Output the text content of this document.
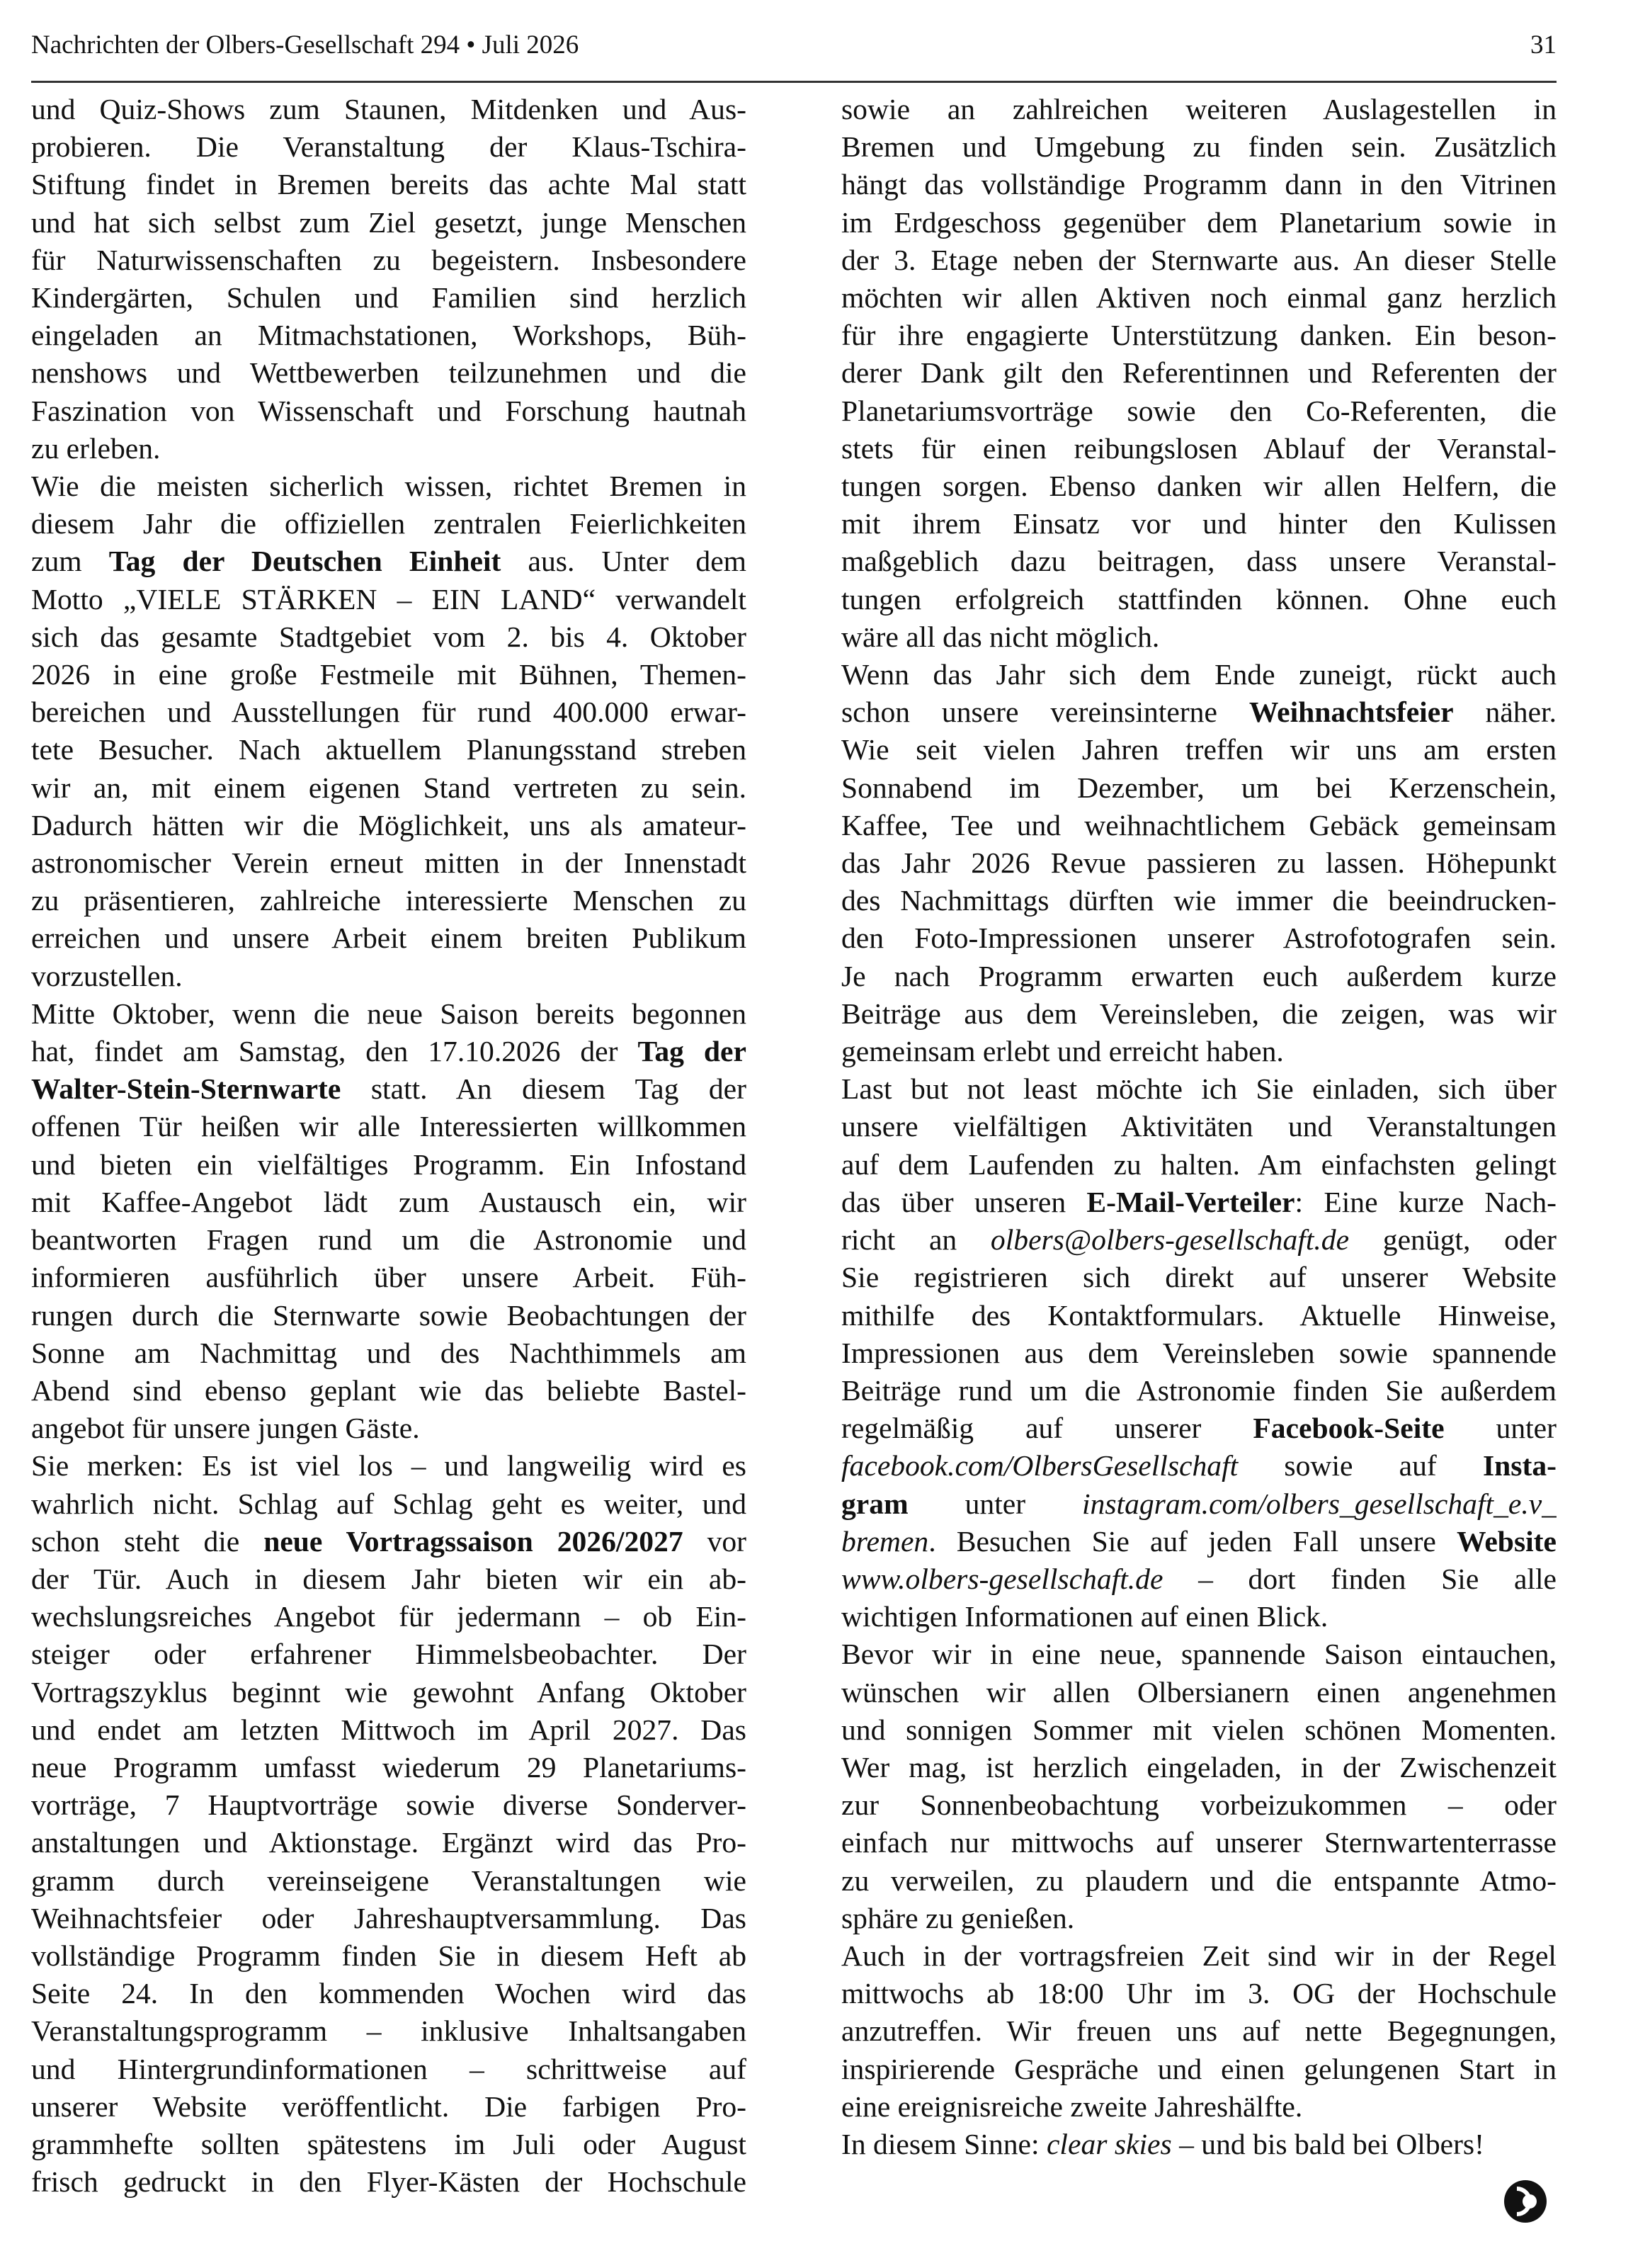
Nachrichten der Olbers-Gesellschaft 294 • Juli 2026	31

und Quiz-Shows zum Staunen, Mitdenken und Aus-
probieren. Die Veranstaltung der Klaus-Tschira-
Stiftung findet in Bremen bereits das achte Mal statt
und hat sich selbst zum Ziel gesetzt, junge Menschen
für Naturwissenschaften zu begeistern. Insbesondere
Kindergärten, Schulen und Familien sind herzlich
eingeladen an Mitmachstationen, Workshops, Büh-
nenshows und Wettbewerben teilzunehmen und die
Faszination von Wissenschaft und Forschung hautnah
zu erleben.

Wie die meisten sicherlich wissen, richtet Bremen in
diesem Jahr die offiziellen zentralen Feierlichkeiten
zum Tag der Deutschen Einheit aus. Unter dem
Motto „VIELE STÄRKEN – EIN LAND“ verwandelt
sich das gesamte Stadtgebiet vom 2. bis 4. Oktober
2026 in eine große Festmeile mit Bühnen, Themen-
bereichen und Ausstellungen für rund 400.000 erwar-
tete Besucher. Nach aktuellem Planungsstand streben
wir an, mit einem eigenen Stand vertreten zu sein.
Dadurch hätten wir die Möglichkeit, uns als amateur-
astronomischer Verein erneut mitten in der Innenstadt
zu präsentieren, zahlreiche interessierte Menschen zu
erreichen und unsere Arbeit einem breiten Publikum
vorzustellen.

Mitte Oktober, wenn die neue Saison bereits begonnen
hat, findet am Samstag, den 17.10.2026 der Tag der
Walter-Stein-Sternwarte statt. An diesem Tag der
offenen Tür heißen wir alle Interessierten willkommen
und bieten ein vielfältiges Programm. Ein Infostand
mit Kaffee-Angebot lädt zum Austausch ein, wir
beantworten Fragen rund um die Astronomie und
informieren ausführlich über unsere Arbeit. Füh-
rungen durch die Sternwarte sowie Beobachtungen der
Sonne am Nachmittag und des Nachthimmels am
Abend sind ebenso geplant wie das beliebte Bastel-
angebot für unsere jungen Gäste.

Sie merken: Es ist viel los – und langweilig wird es
wahrlich nicht. Schlag auf Schlag geht es weiter, und
schon steht die neue Vortragssaison 2026/2027 vor
der Tür. Auch in diesem Jahr bieten wir ein ab-
wechslungsreiches Angebot für jedermann – ob Ein-
steiger oder erfahrener Himmelsbeobachter. Der
Vortragszyklus beginnt wie gewohnt Anfang Oktober
und endet am letzten Mittwoch im April 2027. Das
neue Programm umfasst wiederum 29 Planetariums-
vorträge, 7 Hauptvorträge sowie diverse Sonderver-
anstaltungen und Aktionstage. Ergänzt wird das Pro-
gramm durch vereinseigene Veranstaltungen wie
Weihnachtsfeier oder Jahreshauptversammlung. Das
vollständige Programm finden Sie in diesem Heft ab
Seite 24. In den kommenden Wochen wird das
Veranstaltungsprogramm – inklusive Inhaltsangaben
und Hintergrundinformationen – schrittweise auf
unserer Website veröffentlicht. Die farbigen Pro-
grammhefte sollten spätestens im Juli oder August
frisch gedruckt in den Flyer-Kästen der Hochschule

sowie an zahlreichen weiteren Auslagestellen in
Bremen und Umgebung zu finden sein. Zusätzlich
hängt das vollständige Programm dann in den Vitrinen
im Erdgeschoss gegenüber dem Planetarium sowie in
der 3. Etage neben der Sternwarte aus. An dieser Stelle
möchten wir allen Aktiven noch einmal ganz herzlich
für ihre engagierte Unterstützung danken. Ein beson-
derer Dank gilt den Referentinnen und Referenten der
Planetariumsvorträge sowie den Co-Referenten, die
stets für einen reibungslosen Ablauf der Veranstal-
tungen sorgen. Ebenso danken wir allen Helfern, die
mit ihrem Einsatz vor und hinter den Kulissen
maßgeblich dazu beitragen, dass unsere Veranstal-
tungen erfolgreich stattfinden können. Ohne euch
wäre all das nicht möglich.

Wenn das Jahr sich dem Ende zuneigt, rückt auch
schon unsere vereinsinterne Weihnachtsfeier näher.
Wie seit vielen Jahren treffen wir uns am ersten
Sonnabend im Dezember, um bei Kerzenschein,
Kaffee, Tee und weihnachtlichem Gebäck gemeinsam
das Jahr 2026 Revue passieren zu lassen. Höhepunkt
des Nachmittags dürften wie immer die beeindrucken-
den Foto-Impressionen unserer Astrofotografen sein.
Je nach Programm erwarten euch außerdem kurze
Beiträge aus dem Vereinsleben, die zeigen, was wir
gemeinsam erlebt und erreicht haben.

Last but not least möchte ich Sie einladen, sich über
unsere vielfältigen Aktivitäten und Veranstaltungen
auf dem Laufenden zu halten. Am einfachsten gelingt
das über unseren E-Mail-Verteiler: Eine kurze Nach-
richt an olbers@olbers-gesellschaft.de genügt, oder
Sie registrieren sich direkt auf unserer Website
mithilfe des Kontaktformulars. Aktuelle Hinweise,
Impressionen aus dem Vereinsleben sowie spannende
Beiträge rund um die Astronomie finden Sie außerdem
regelmäßig auf unserer Facebook-Seite unter
facebook.com/OlbersGesellschaft sowie auf Insta-
gram unter instagram.com/olbers_gesellschaft_e.v_
bremen. Besuchen Sie auf jeden Fall unsere Website
www.olbers-gesellschaft.de – dort finden Sie alle
wichtigen Informationen auf einen Blick.

Bevor wir in eine neue, spannende Saison eintauchen,
wünschen wir allen Olbersianern einen angenehmen
und sonnigen Sommer mit vielen schönen Momenten.
Wer mag, ist herzlich eingeladen, in der Zwischenzeit
zur Sonnenbeobachtung vorbeizukommen – oder
einfach nur mittwochs auf unserer Sternwartenterrasse
zu verweilen, zu plaudern und die entspannte Atmo-
sphäre zu genießen.

Auch in der vortragsfreien Zeit sind wir in der Regel
mittwochs ab 18:00 Uhr im 3. OG der Hochschule
anzutreffen. Wir freuen uns auf nette Begegnungen,
inspirierende Gespräche und einen gelungenen Start in
eine ereignisreiche zweite Jahreshälfte.

In diesem Sinne: clear skies – und bis bald bei Olbers!
